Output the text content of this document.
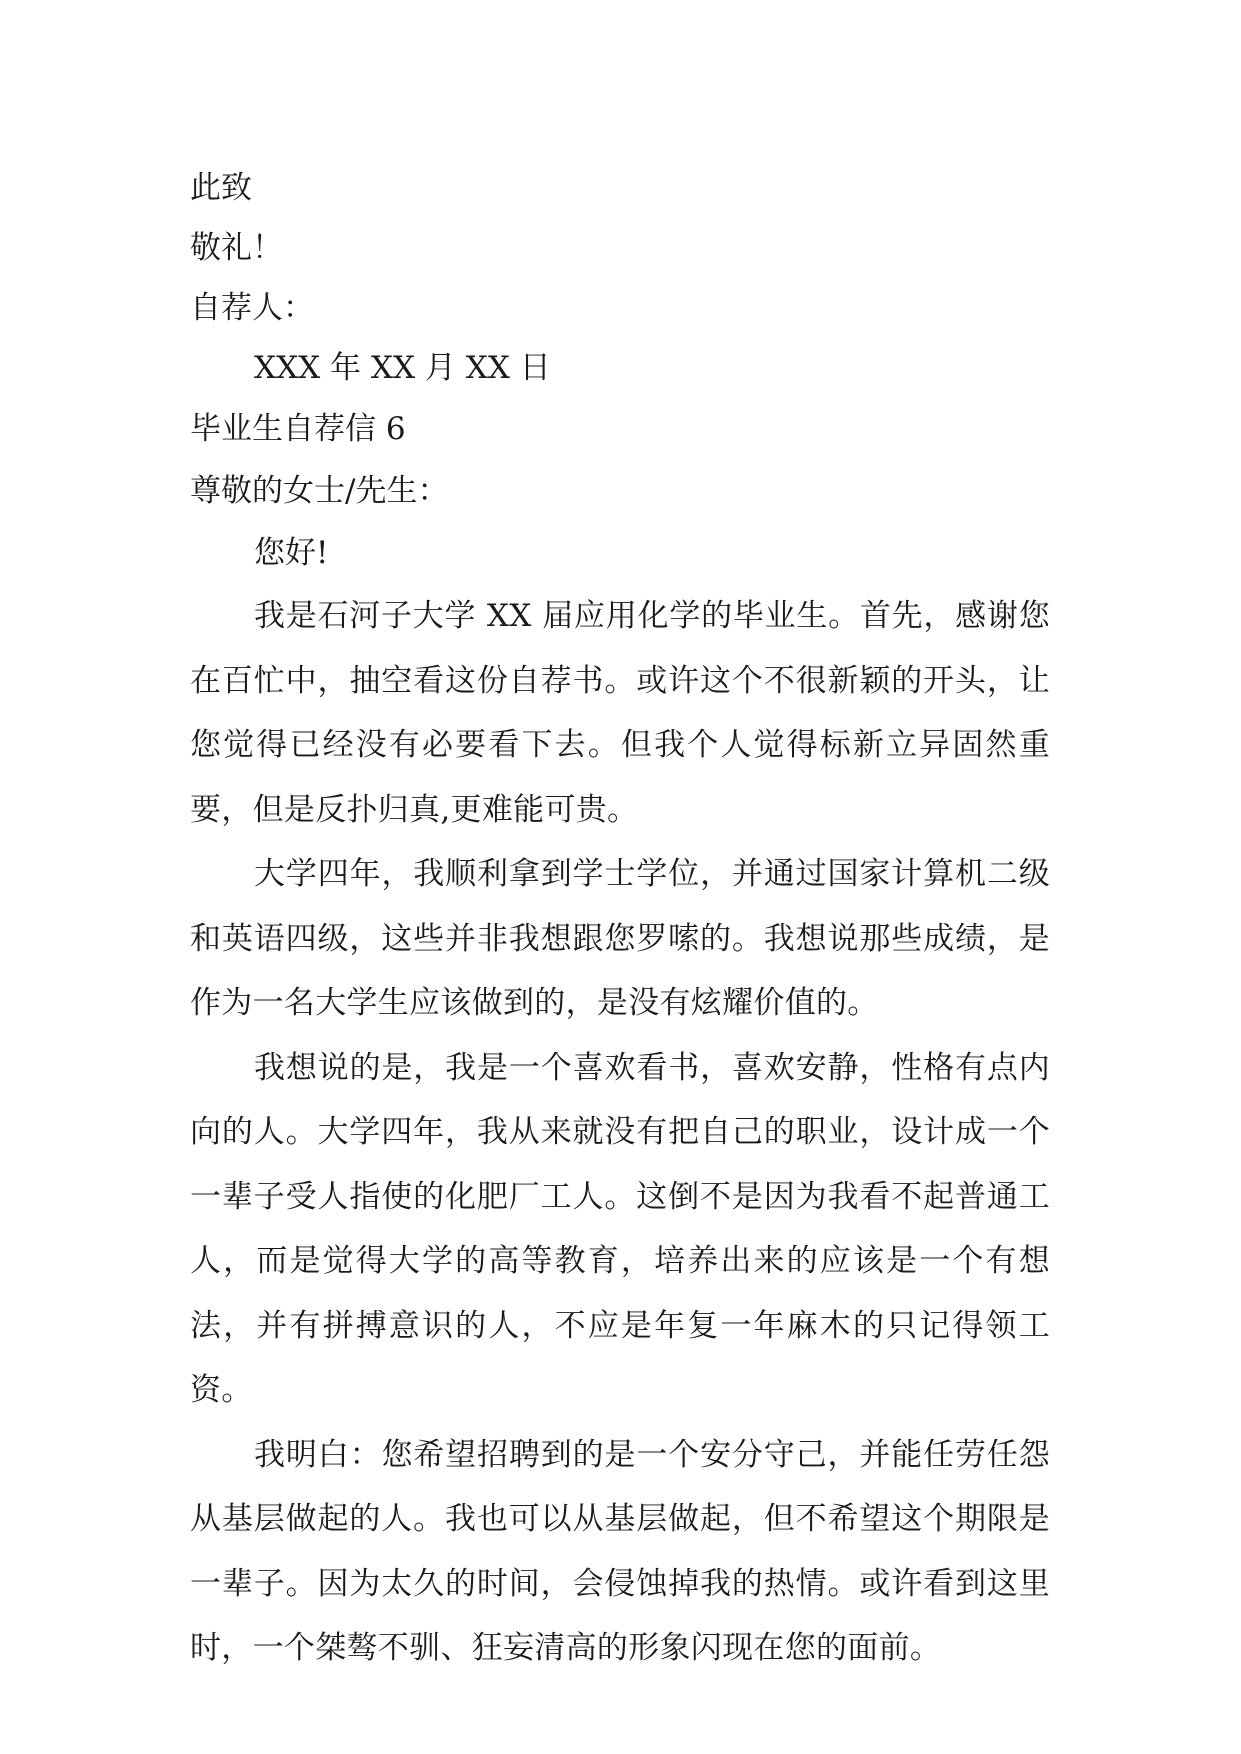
此致
敬礼！
自荐人：
XXX 年 XX 月 XX 日
毕业生自荐信 6
尊敬的女士/先生：
您好!

我是石河子大学 XX 届应用化学的毕业生。首先，感谢您在百忙中，抽空看这份自荐书。或许这个不很新颖的开头，让您觉得已经没有必要看下去。但我个人觉得标新立异固然重要，但是反扑归真,更难能可贵。

大学四年，我顺利拿到学士学位，并通过国家计算机二级和英语四级，这些并非我想跟您罗嗦的。我想说那些成绩，是作为一名大学生应该做到的，是没有炫耀价值的。

我想说的是，我是一个喜欢看书，喜欢安静，性格有点内向的人。大学四年，我从来就没有把自己的职业，设计成一个一辈子受人指使的化肥厂工人。这倒不是因为我看不起普通工人，而是觉得大学的高等教育，培养出来的应该是一个有想法，并有拼搏意识的人，不应是年复一年麻木的只记得领工资。

我明白：您希望招聘到的是一个安分守己，并能任劳任怨从基层做起的人。我也可以从基层做起，但不希望这个期限是一辈子。因为太久的时间，会侵蚀掉我的热情。或许看到这里时，一个桀骜不驯、狂妄清高的形象闪现在您的面前。
